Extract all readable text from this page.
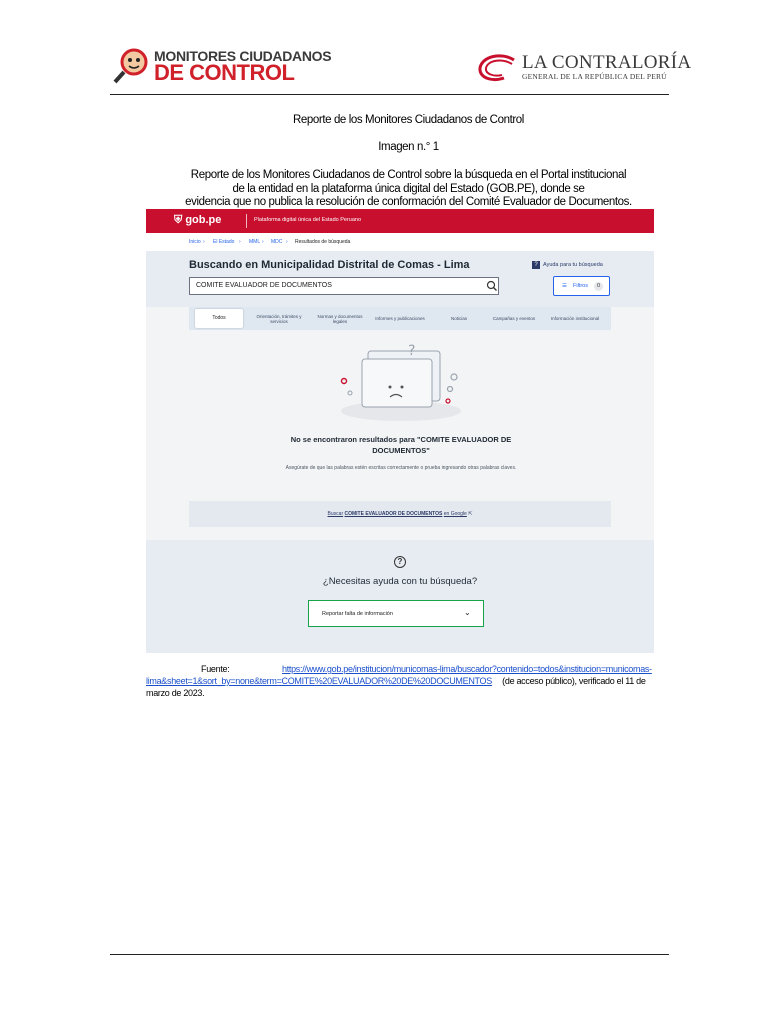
MONITORES CIUDADANOS
DE CONTROL	LA CONTRALORÍA
GENERAL DE LA REPÚBLICA DEL PERÚ
Reporte de los Monitores Ciudadanos de Control
Imagen n.° 1
Reporte de los Monitores Ciudadanos de Control sobre la búsqueda en el Portal institucional
de la entidad en la plataforma única digital del Estado (GOB.PE), donde se
evidencia que no publica la resolución de conformación del Comité Evaluador de Documentos.
⛨ gob.pe	Plataforma digital única del Estado Peruano
Inicio › El Estado › MML › MDC › Resultados de búsqueda
Buscando en Municipalidad Distrital de Comas - Lima	? Ayuda para tu búsqueda
COMITE EVALUADOR DE DOCUMENTOS	☰ Filtros	0
Todos	Orientación, trámites y servicios
Normas y documentos legales	Informes y publicaciones	Noticias	Campañas y eventos	Información institucional
?
No se encontraron resultados para "COMITE EVALUADOR DE DOCUMENTOS"
Asegúrate de que las palabras estén escritas correctamente o prueba ingresando otras palabras claves.
Buscar COMITE EVALUADOR DE DOCUMENTOS en Google ⇱
?
¿Necesitas ayuda con tu búsqueda?
Reportar falta de información	⌄
Fuente:	https://www.gob.pe/institucion/municomas-lima/buscador?contenido=todos&institucion=municomas-
lima&sheet=1&sort_by=none&term=COMITE%20EVALUADOR%20DE%20DOCUMENTOS (de acceso público), verificado el 11 de
marzo de 2023.
